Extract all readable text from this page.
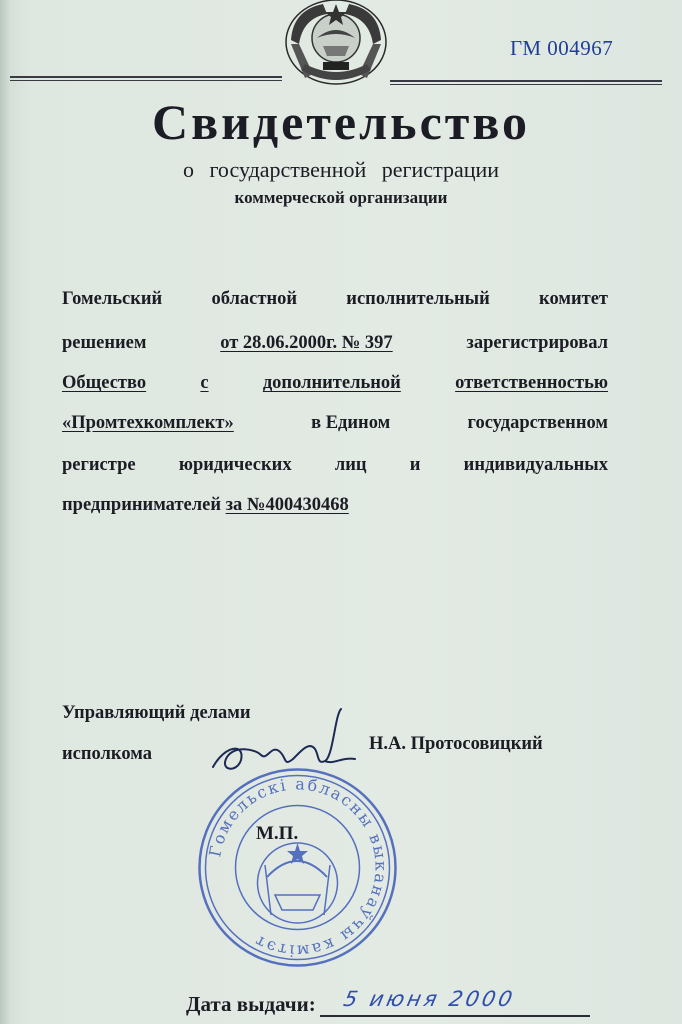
ГМ 004967
Свидетельство
о государственной регистрации
коммерческой организации
Гомельский	областной	исполнительный	комитет
решением	от 28.06.2000г. № 397	зарегистрировал
Общество	с	дополнительной	ответственностью
«Промтехкомплект»	в Едином	государственном
регистре юридических лиц и индивидуальных
предпринимателей за №400430468
Управляющий делами
исполкома	Н.А. Протосовицкий
Гомельскі абласны выканаўчы камітэт
М.П.
Дата выдачи: 5 июня 2000
